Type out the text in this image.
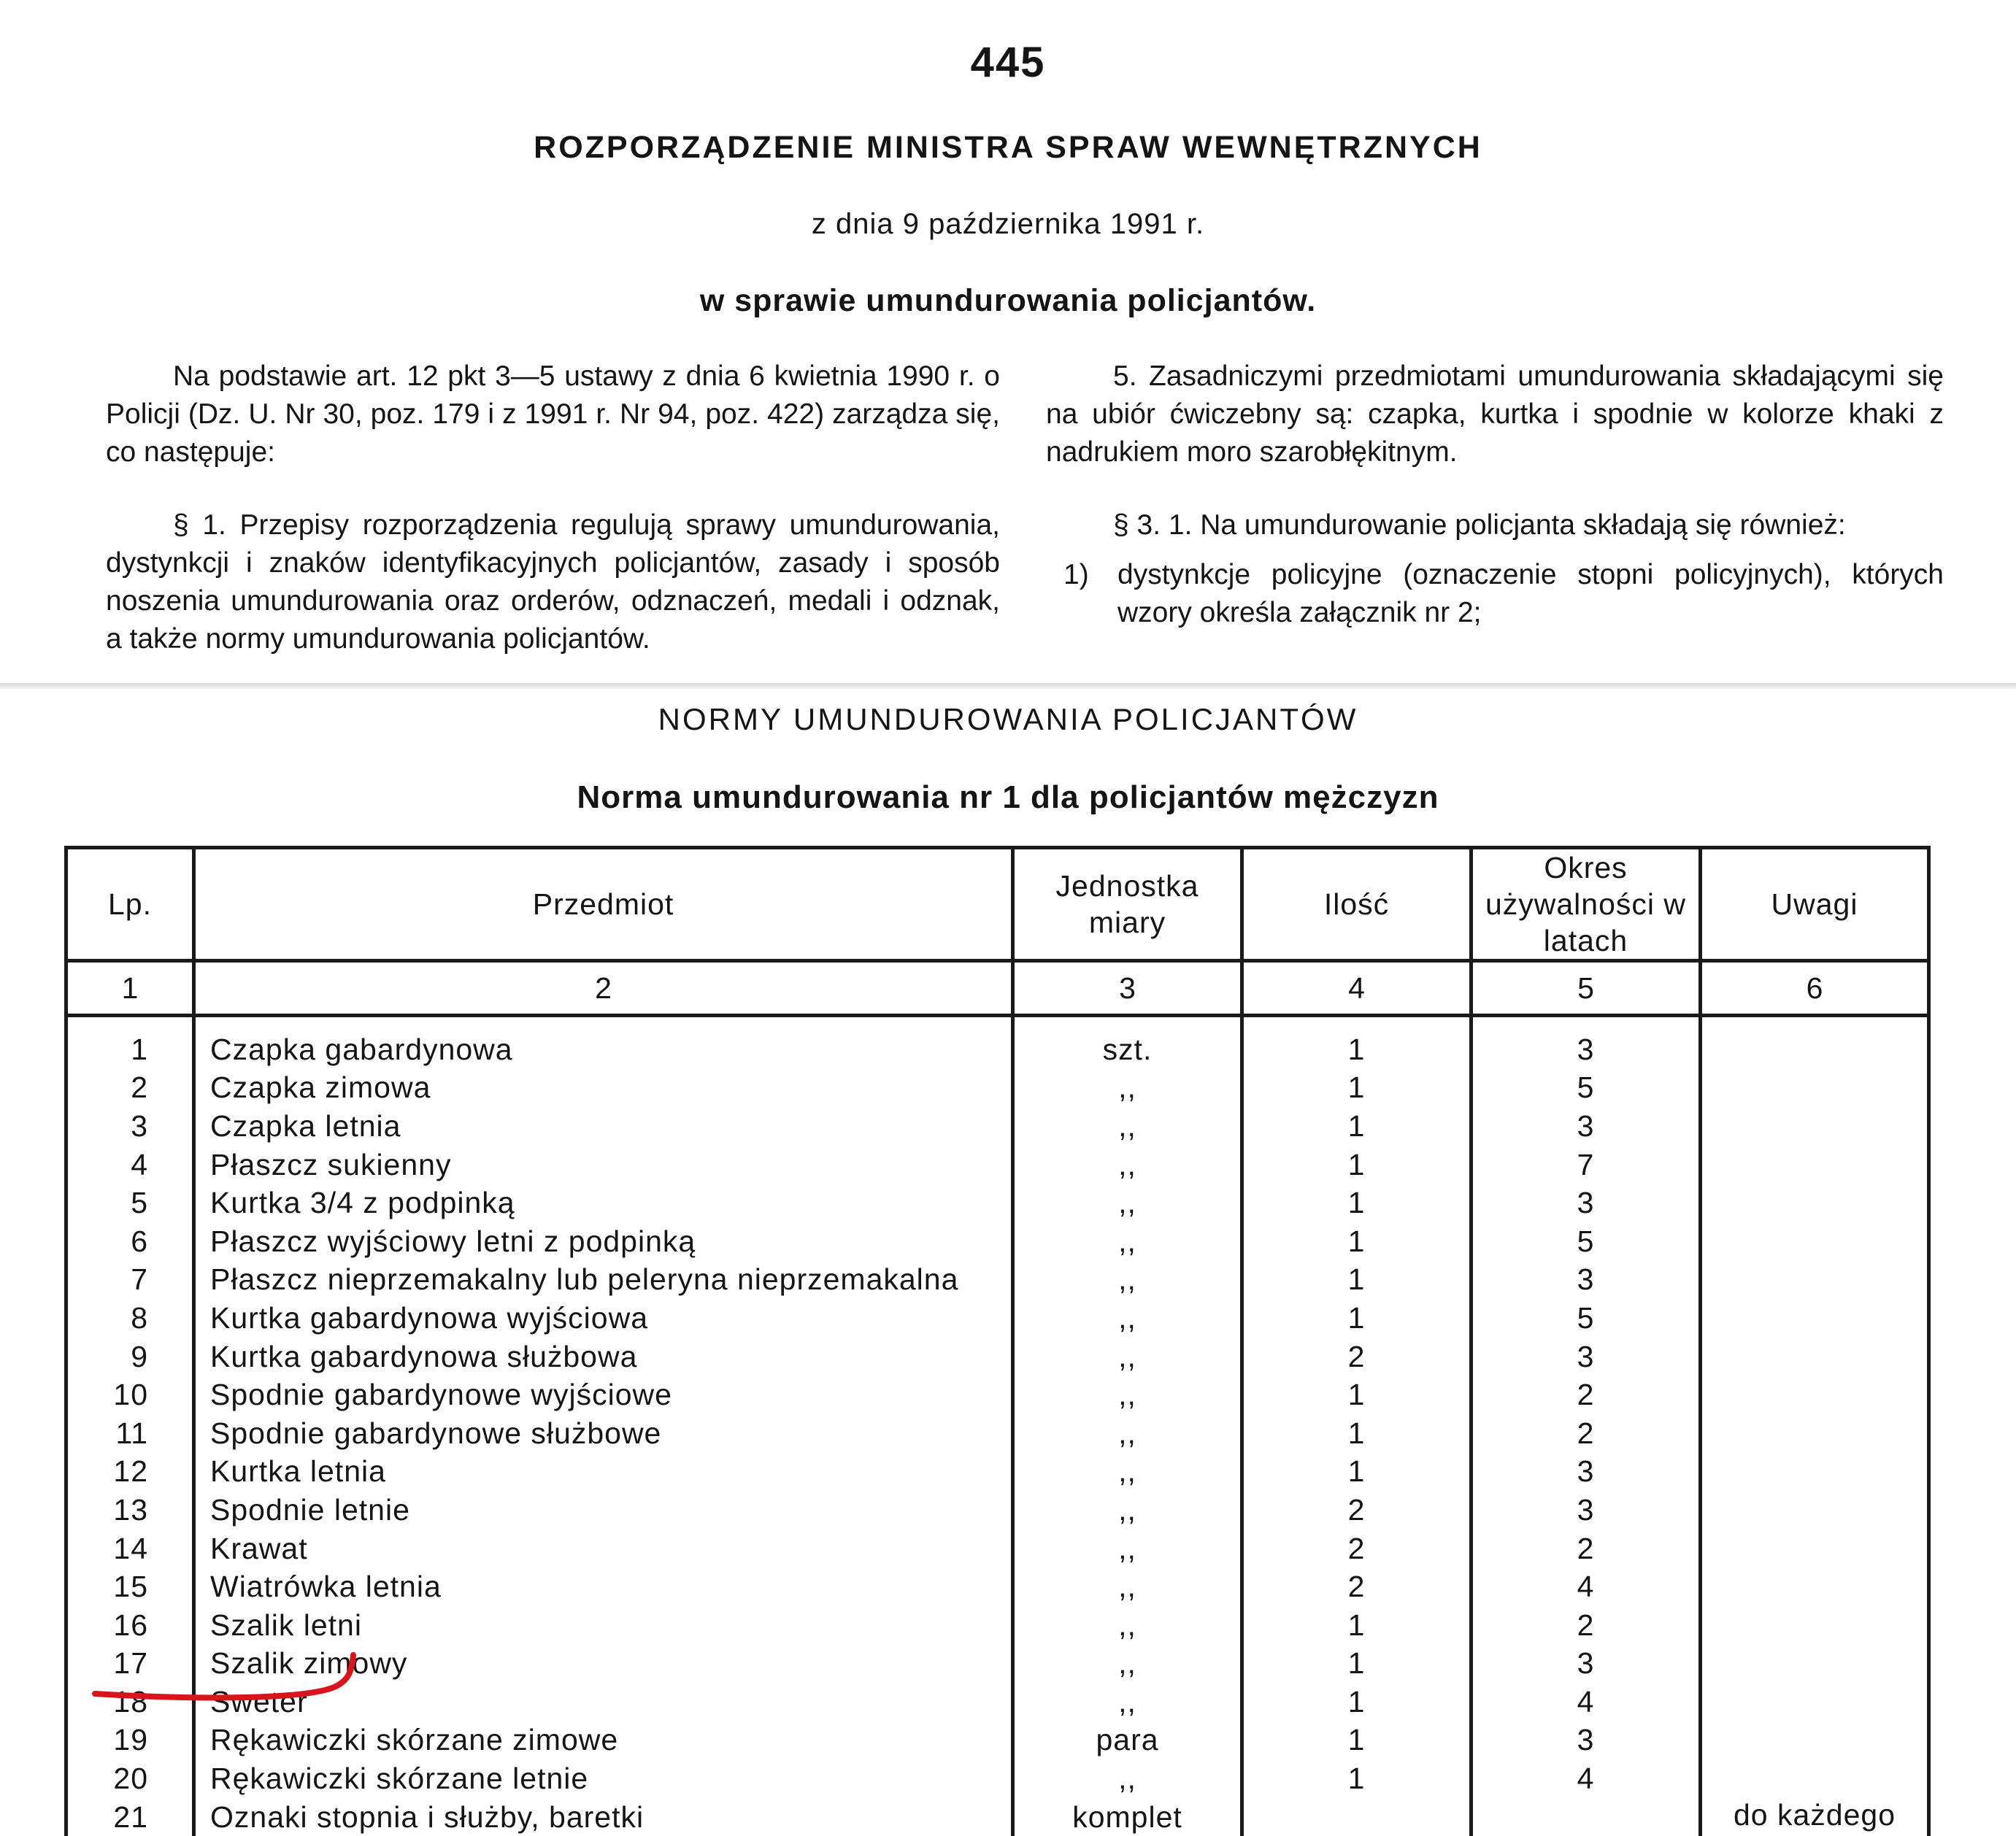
445
ROZPORZĄDZENIE MINISTRA SPRAW WEWNĘTRZNYCH
z dnia 9 października 1991 r.
w sprawie umundurowania policjantów.

Na podstawie art. 12 pkt 3—5 ustawy z dnia 6 kwietnia 1990 r. o Policji (Dz. U. Nr 30, poz. 179 i z 1991 r. Nr 94, poz. 422) zarządza się, co następuje:

§ 1. Przepisy rozporządzenia regulują sprawy umundurowania, dystynkcji i znaków identyfikacyjnych policjantów, zasady i sposób noszenia umundurowania oraz orderów, odznaczeń, medali i odznak, a także normy umundurowania policjantów.

5. Zasadniczymi przedmiotami umundurowania składającymi się na ubiór ćwiczebny są: czapka, kurtka i spodnie w kolorze khaki z nadrukiem moro szarobłękitnym.

§ 3. 1. Na umundurowanie policjanta składają się również:

1)	dystynkcje policyjne (oznaczenie stopni policyjnych), których wzory określa załącznik nr 2;
NORMY UMUNDUROWANIA POLICJANTÓW
Norma umundurowania nr 1 dla policjantów mężczyzn
Lp.	Przedmiot	Jednostka miary	Ilość	Okres używalności w latach	Uwagi
1	2	3	4	5	6
1	Czapka gabardynowa	szt.	1	3	
2	Czapka zimowa	,,	1	5	
3	Czapka letnia	,,	1	3	
4	Płaszcz sukienny	,,	1	7	
5	Kurtka 3/4 z podpinką	,,	1	3	
6	Płaszcz wyjściowy letni z podpinką	,,	1	5	
7	Płaszcz nieprzemakalny lub peleryna nieprzemakalna	,,	1	3	
8	Kurtka gabardynowa wyjściowa	,,	1	5	
9	Kurtka gabardynowa służbowa	,,	2	3	
10	Spodnie gabardynowe wyjściowe	,,	1	2	
11	Spodnie gabardynowe służbowe	,,	1	2	
12	Kurtka letnia	,,	1	3	
13	Spodnie letnie	,,	2	3	
14	Krawat	,,	2	2	
15	Wiatrówka letnia	,,	2	4	
16	Szalik letni	,,	1	2	
17	Szalik zimowy	,,	1	3	
18	Sweter	,,	1	4	
19	Rękawiczki skórzane zimowe	para	1	3	
20	Rękawiczki skórzane letnie	,,	1	4	
21	Oznaki stopnia i służby, baretki	komplet			do każdego
